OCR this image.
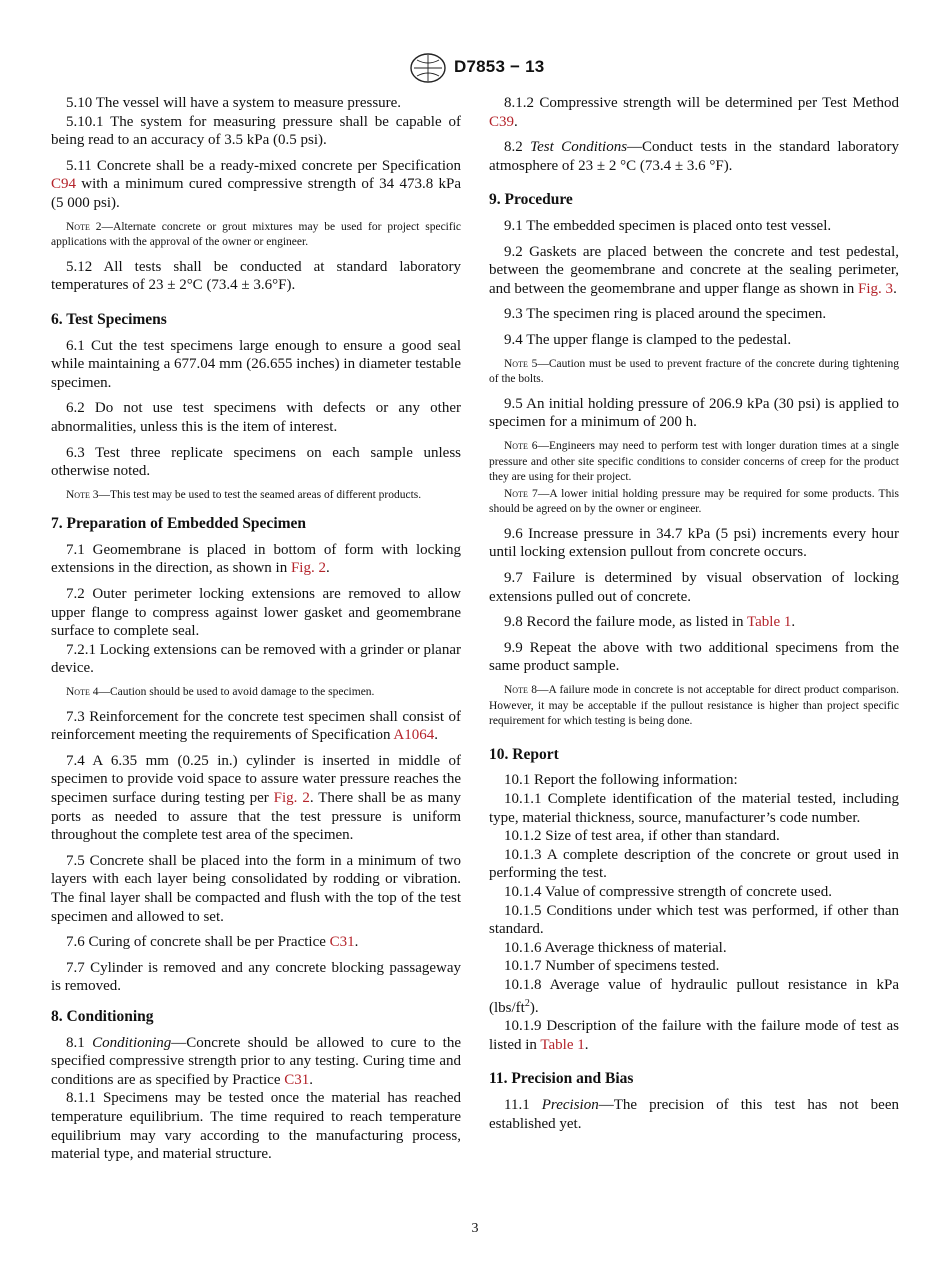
D7853 − 13

5.10 The vessel will have a system to measure pressure.

5.10.1 The system for measuring pressure shall be capable of being read to an accuracy of 3.5 kPa (0.5 psi).

5.11 Concrete shall be a ready-mixed concrete per Specification C94 with a minimum cured compressive strength of 34 473.8 kPa (5 000 psi).

Note 2—Alternate concrete or grout mixtures may be used for project specific applications with the approval of the owner or engineer.

5.12 All tests shall be conducted at standard laboratory temperatures of 23 ± 2°C (73.4 ± 3.6°F).

6. Test Specimens

6.1 Cut the test specimens large enough to ensure a good seal while maintaining a 677.04 mm (26.655 inches) in diameter testable specimen.

6.2 Do not use test specimens with defects or any other abnormalities, unless this is the item of interest.

6.3 Test three replicate specimens on each sample unless otherwise noted.

Note 3—This test may be used to test the seamed areas of different products.

7. Preparation of Embedded Specimen

7.1 Geomembrane is placed in bottom of form with locking extensions in the direction, as shown in Fig. 2.

7.2 Outer perimeter locking extensions are removed to allow upper flange to compress against lower gasket and geomembrane surface to complete seal.

7.2.1 Locking extensions can be removed with a grinder or planar device.

Note 4—Caution should be used to avoid damage to the specimen.

7.3 Reinforcement for the concrete test specimen shall consist of reinforcement meeting the requirements of Specification A1064.

7.4 A 6.35 mm (0.25 in.) cylinder is inserted in middle of specimen to provide void space to assure water pressure reaches the specimen surface during testing per Fig. 2. There shall be as many ports as needed to assure that the test pressure is uniform throughout the complete test area of the specimen.

7.5 Concrete shall be placed into the form in a minimum of two layers with each layer being consolidated by rodding or vibration. The final layer shall be compacted and flush with the top of the test specimen and allowed to set.

7.6 Curing of concrete shall be per Practice C31.

7.7 Cylinder is removed and any concrete blocking passageway is removed.

8. Conditioning

8.1 Conditioning—Concrete should be allowed to cure to the specified compressive strength prior to any testing. Curing time and conditions are as specified by Practice C31.

8.1.1 Specimens may be tested once the material has reached temperature equilibrium. The time required to reach temperature equilibrium may vary according to the manufacturing process, material type, and material structure.

8.1.2 Compressive strength will be determined per Test Method C39.

8.2 Test Conditions—Conduct tests in the standard laboratory atmosphere of 23 ± 2 °C (73.4 ± 3.6 °F).

9. Procedure

9.1 The embedded specimen is placed onto test vessel.

9.2 Gaskets are placed between the concrete and test pedestal, between the geomembrane and concrete at the sealing perimeter, and between the geomembrane and upper flange as shown in Fig. 3.

9.3 The specimen ring is placed around the specimen.

9.4 The upper flange is clamped to the pedestal.

Note 5—Caution must be used to prevent fracture of the concrete during tightening of the bolts.

9.5 An initial holding pressure of 206.9 kPa (30 psi) is applied to specimen for a minimum of 200 h.

Note 6—Engineers may need to perform test with longer duration times at a single pressure and other site specific conditions to consider concerns of creep for the product they are using for their project.

Note 7—A lower initial holding pressure may be required for some products. This should be agreed on by the owner or engineer.

9.6 Increase pressure in 34.7 kPa (5 psi) increments every hour until locking extension pullout from concrete occurs.

9.7 Failure is determined by visual observation of locking extensions pulled out of concrete.

9.8 Record the failure mode, as listed in Table 1.

9.9 Repeat the above with two additional specimens from the same product sample.

Note 8—A failure mode in concrete is not acceptable for direct product comparison. However, it may be acceptable if the pullout resistance is higher than project specific requirement for which testing is being done.

10. Report

10.1 Report the following information:

10.1.1 Complete identification of the material tested, including type, material thickness, source, manufacturer’s code number.

10.1.2 Size of test area, if other than standard.

10.1.3 A complete description of the concrete or grout used in performing the test.

10.1.4 Value of compressive strength of concrete used.

10.1.5 Conditions under which test was performed, if other than standard.

10.1.6 Average thickness of material.

10.1.7 Number of specimens tested.

10.1.8 Average value of hydraulic pullout resistance in kPa $(lbs/ft^2)$.

10.1.9 Description of the failure with the failure mode of test as listed in Table 1.

11. Precision and Bias

11.1 Precision—The precision of this test has not been established yet.

3
